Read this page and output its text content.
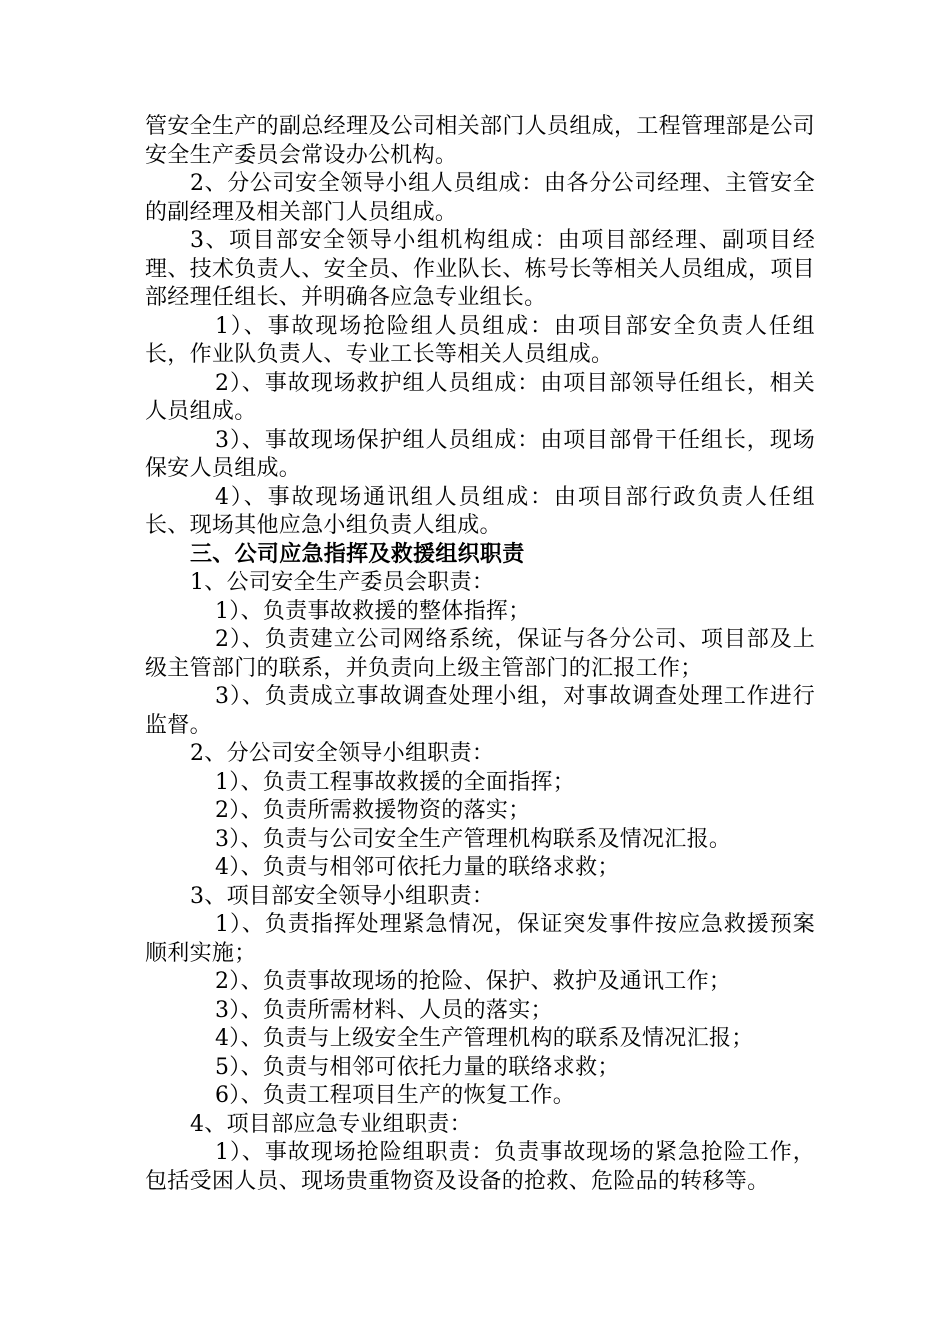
管安全生产的副总经理及公司相关部门人员组成，工程管理部是公司安全生产委员会常设办公机构。

2、分公司安全领导小组人员组成：由各分公司经理、主管安全的副经理及相关部门人员组成。

3、项目部安全领导小组机构组成：由项目部经理、副项目经理、技术负责人、安全员、作业队长、栋号长等相关人员组成，项目部经理任组长、并明确各应急专业组长。

1）、事故现场抢险组人员组成：由项目部安全负责人任组长，作业队负责人、专业工长等相关人员组成。

2）、事故现场救护组人员组成：由项目部领导任组长，相关人员组成。

3）、事故现场保护组人员组成：由项目部骨干任组长，现场保安人员组成。

4）、事故现场通讯组人员组成：由项目部行政负责人任组长、现场其他应急小组负责人组成。

三、公司应急指挥及救援组织职责

1、公司安全生产委员会职责：

1）、负责事故救援的整体指挥；

2）、负责建立公司网络系统，保证与各分公司、项目部及上级主管部门的联系，并负责向上级主管部门的汇报工作；

3）、负责成立事故调查处理小组，对事故调查处理工作进行监督。

2、分公司安全领导小组职责：

1）、负责工程事故救援的全面指挥；

2）、负责所需救援物资的落实；

3）、负责与公司安全生产管理机构联系及情况汇报。

4）、负责与相邻可依托力量的联络求救；

3、项目部安全领导小组职责：

1）、负责指挥处理紧急情况，保证突发事件按应急救援预案顺利实施；

2）、负责事故现场的抢险、保护、救护及通讯工作；

3）、负责所需材料、人员的落实；

4）、负责与上级安全生产管理机构的联系及情况汇报；

5）、负责与相邻可依托力量的联络求救；

6）、负责工程项目生产的恢复工作。

4、项目部应急专业组职责：

1）、事故现场抢险组职责：负责事故现场的紧急抢险工作，包括受困人员、现场贵重物资及设备的抢救、危险品的转移等。
